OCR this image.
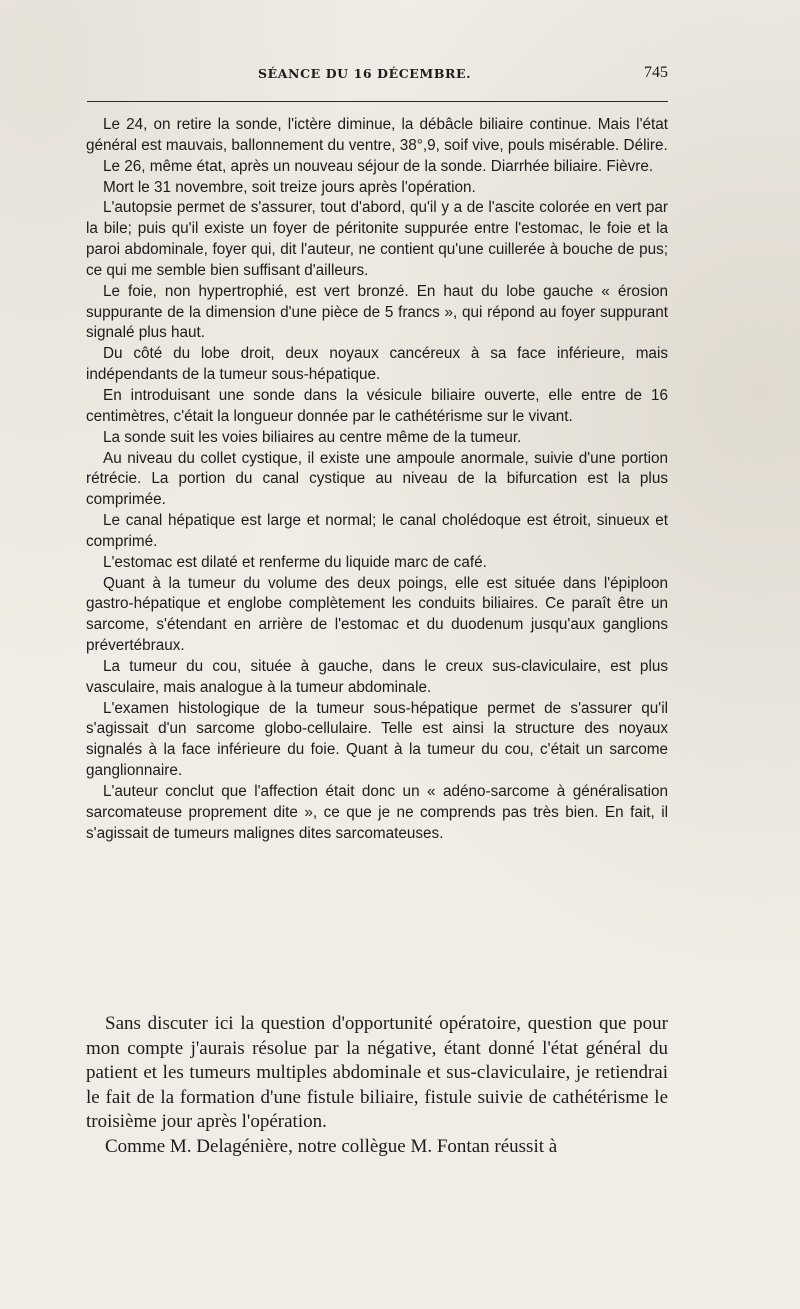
SÉANCE DU 16 DÉCEMBRE.	745

Le 24, on retire la sonde, l'ictère diminue, la débâcle biliaire continue. Mais l'état général est mauvais, ballonnement du ventre, 38°,9, soif vive, pouls misérable. Délire.

Le 26, même état, après un nouveau séjour de la sonde. Diarrhée biliaire. Fièvre.

Mort le 31 novembre, soit treize jours après l'opération.

L'autopsie permet de s'assurer, tout d'abord, qu'il y a de l'ascite colorée en vert par la bile; puis qu'il existe un foyer de péritonite suppurée entre l'estomac, le foie et la paroi abdominale, foyer qui, dit l'auteur, ne contient qu'une cuillerée à bouche de pus; ce qui me semble bien suffisant d'ailleurs.

Le foie, non hypertrophié, est vert bronzé. En haut du lobe gauche « érosion suppurante de la dimension d'une pièce de 5 francs », qui répond au foyer suppurant signalé plus haut.

Du côté du lobe droit, deux noyaux cancéreux à sa face inférieure, mais indépendants de la tumeur sous-hépatique.

En introduisant une sonde dans la vésicule biliaire ouverte, elle entre de 16 centimètres, c'était la longueur donnée par le cathétérisme sur le vivant.

La sonde suit les voies biliaires au centre même de la tumeur.

Au niveau du collet cystique, il existe une ampoule anormale, suivie d'une portion rétrécie. La portion du canal cystique au niveau de la bifurcation est la plus comprimée.

Le canal hépatique est large et normal; le canal cholédoque est étroit, sinueux et comprimé.

L'estomac est dilaté et renferme du liquide marc de café.

Quant à la tumeur du volume des deux poings, elle est située dans l'épiploon gastro-hépatique et englobe complètement les conduits biliaires. Ce paraît être un sarcome, s'étendant en arrière de l'estomac et du duodenum jusqu'aux ganglions prévertébraux.

La tumeur du cou, située à gauche, dans le creux sus-claviculaire, est plus vasculaire, mais analogue à la tumeur abdominale.

L'examen histologique de la tumeur sous-hépatique permet de s'assurer qu'il s'agissait d'un sarcome globo-cellulaire. Telle est ainsi la structure des noyaux signalés à la face inférieure du foie. Quant à la tumeur du cou, c'était un sarcome ganglionnaire.

L'auteur conclut que l'affection était donc un « adéno-sarcome à généralisation sarcomateuse proprement dite », ce que je ne comprends pas très bien. En fait, il s'agissait de tumeurs malignes dites sarcomateuses.

Sans discuter ici la question d'opportunité opératoire, question que pour mon compte j'aurais résolue par la négative, étant donné l'état général du patient et les tumeurs multiples abdominale et sus-claviculaire, je retiendrai le fait de la formation d'une fistule biliaire, fistule suivie de cathétérisme le troisième jour après l'opération.

Comme M. Delagénière, notre collègue M. Fontan réussit à
